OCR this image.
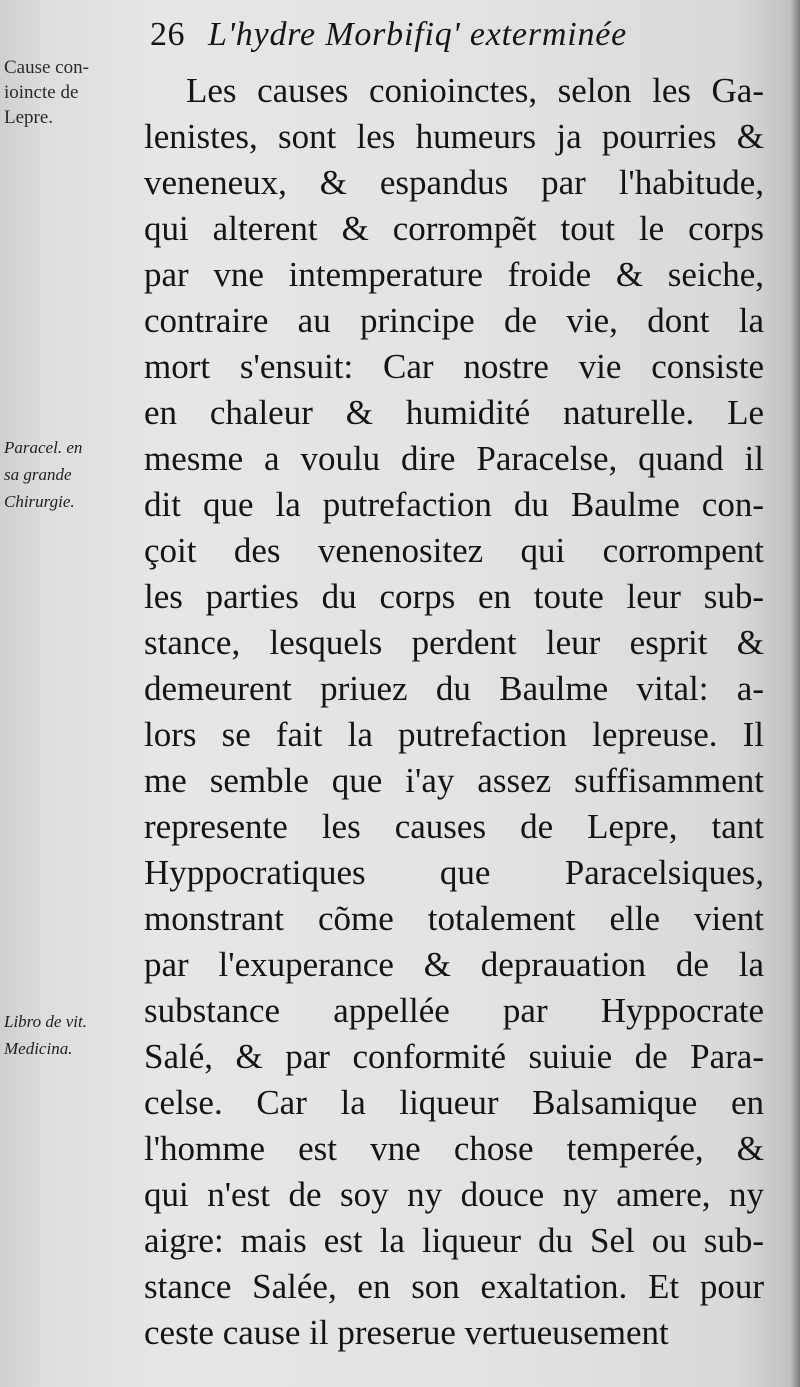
26 L'hydre Morbifiq' exterminée
Cause con-
ioincte de
Lepre.
Paracel. en
sa grande
Chirurgie.
Libro de vit.
Medicina.
Les causes conioinctes, selon les Ga-
lenistes, sont les humeurs ja pourries &
veneneux, & espandus par l'habitude,
qui alterent & corrompẽt tout le corps
par vne intemperature froide & seiche,
contraire au principe de vie, dont la
mort s'ensuit: Car nostre vie consiste
en chaleur & humidité naturelle. Le
mesme a voulu dire Paracelse, quand il
dit que la putrefaction du Baulme con-
çoit des venenositez qui corrompent
les parties du corps en toute leur sub-
stance, lesquels perdent leur esprit &
demeurent priuez du Baulme vital: a-
lors se fait la putrefaction lepreuse. Il
me semble que i'ay assez suffisamment
represente les causes de Lepre, tant
Hyppocratiques que Paracelsiques,
monstrant cõme totalement elle vient
par l'exuperance & deprauation de la
substance appellée par Hyppocrate
Salé, & par conformité suiuie de Para-
celse. Car la liqueur Balsamique en
l'homme est vne chose temperée, &
qui n'est de soy ny douce ny amere, ny
aigre: mais est la liqueur du Sel ou sub-
stance Salée, en son exaltation. Et pour
ceste cause il preserue vertueusement
